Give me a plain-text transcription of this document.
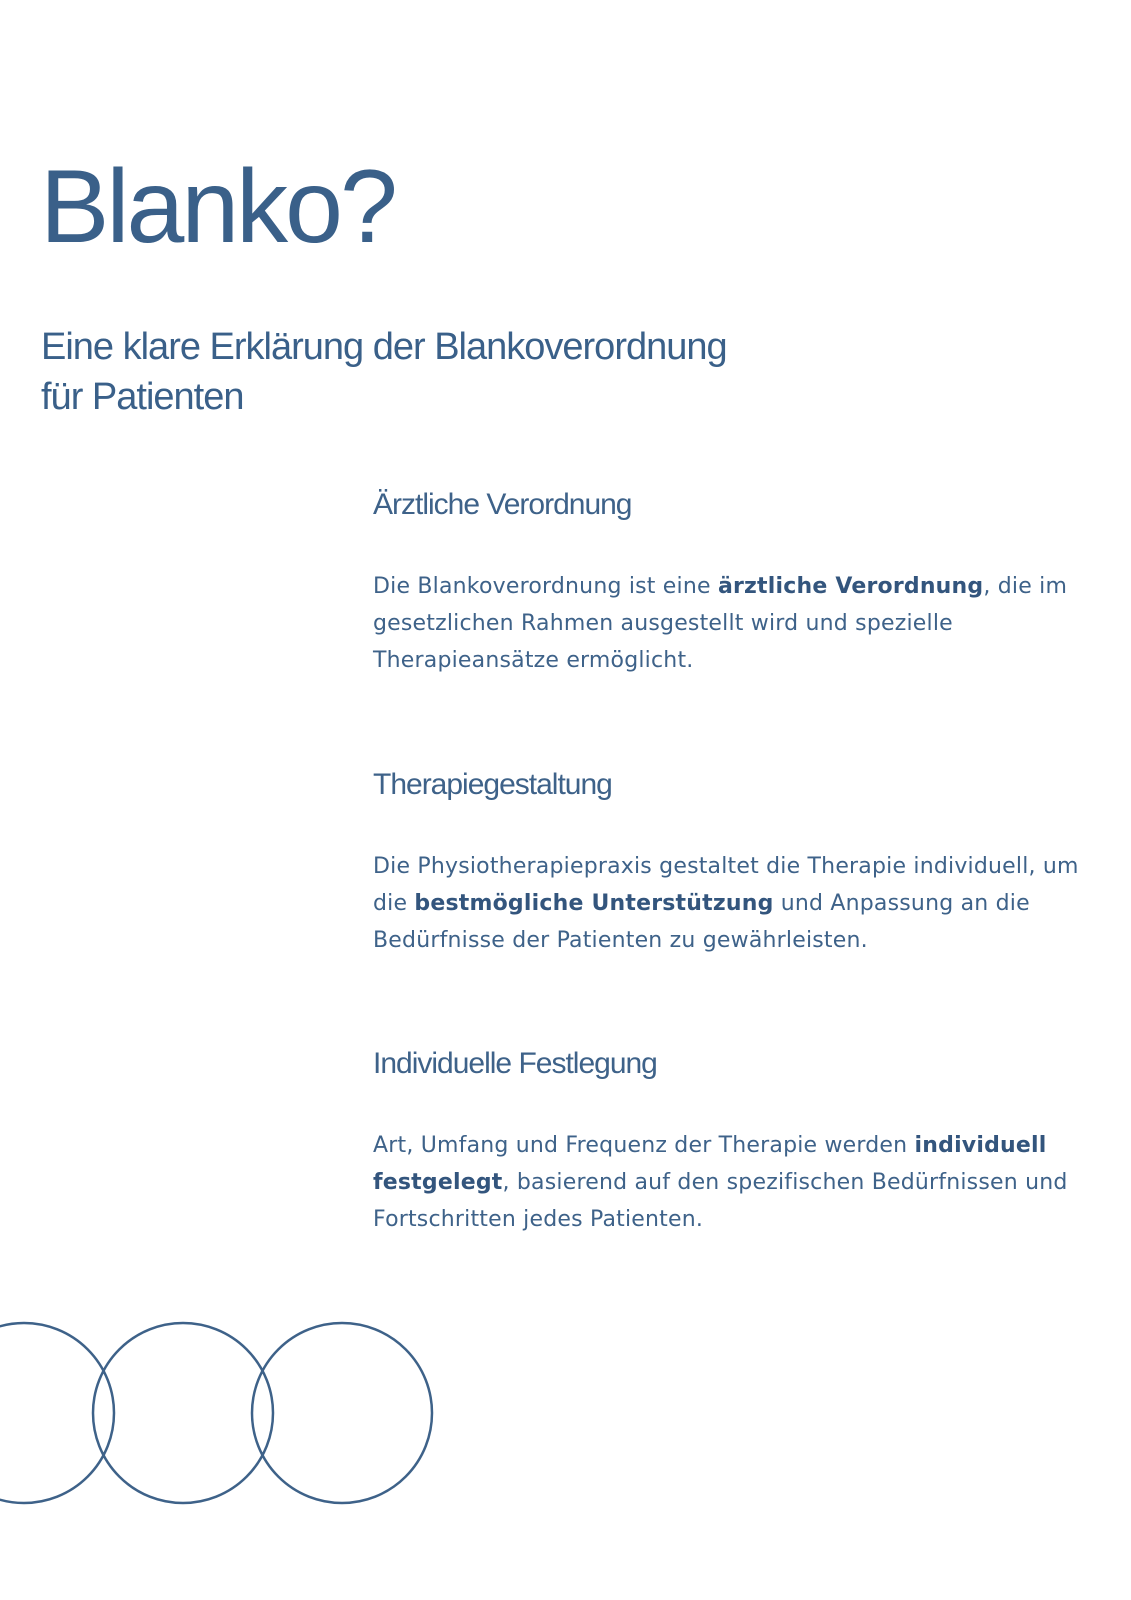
Blanko?
Eine klare Erklärung der Blankoverordnung für Patienten
Ärztliche Verordnung

Die Blankoverordnung ist eine ärztliche Verordnung, die im gesetzlichen Rahmen ausgestellt wird und spezielle Therapieansätze ermöglicht.

Therapiegestaltung

Die Physiotherapiepraxis gestaltet die Therapie individuell, um die bestmögliche Unterstützung und Anpassung an die Bedürfnisse der Patienten zu gewährleisten.

Individuelle Festlegung

Art, Umfang und Frequenz der Therapie werden individuell festgelegt, basierend auf den spezifischen Bedürfnissen und Fortschritten jedes Patienten.
